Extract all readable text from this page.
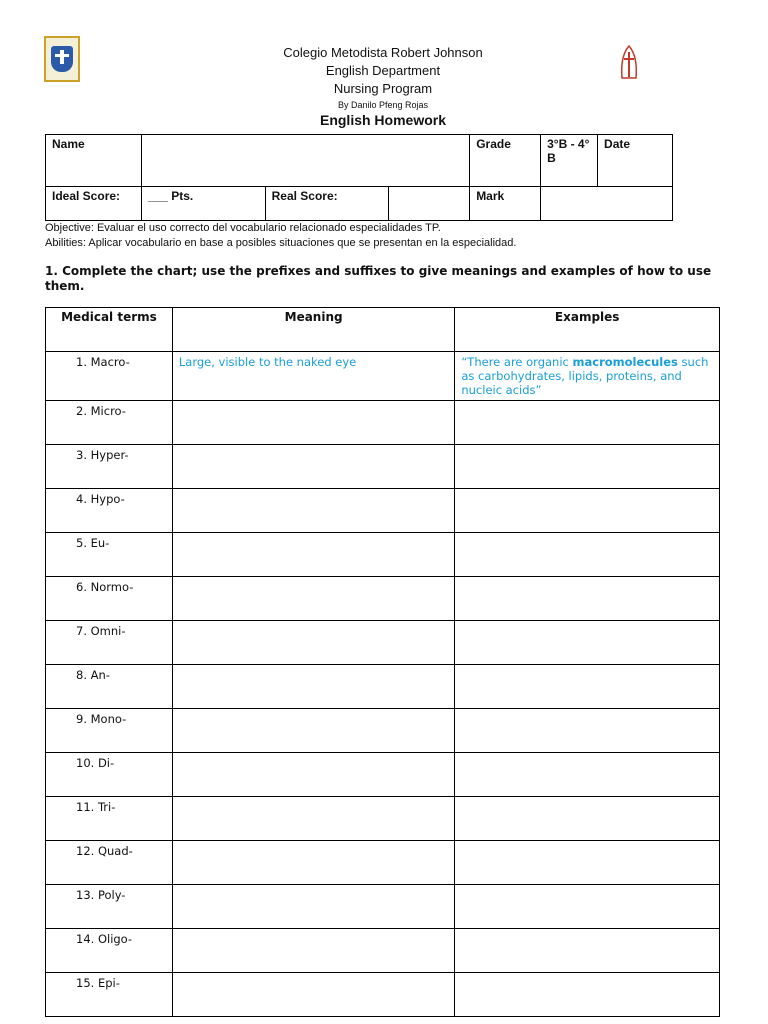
Colegio Metodista Robert Johnson
English Department
Nursing Program
By Danilo Pfeng Rojas
English Homework
Name				Grade	3°B - 4° B	Date
Ideal Score:	___ Pts.	Real Score:		Mark		
Objective: Evaluar el uso correcto del vocabulario relacionado especialidades TP.
Abilities: Aplicar vocabulario en base a posibles situaciones que se presentan en la especialidad.
1. Complete the chart; use the prefixes and suffixes to give meanings and examples of how to use them.
Medical terms	Meaning	Examples
1. Macro-	Large, visible to the naked eye	“There are organic macromolecules such as carbohydrates, lipids, proteins, and nucleic acids”
2. Micro-		
3. Hyper-		
4. Hypo-		
5. Eu-		
6. Normo-		
7. Omni-		
8. An-		
9. Mono-		
10. Di-		
11. Tri-		
12. Quad-		
13. Poly-		
14. Oligo-		
15. Epi-		
